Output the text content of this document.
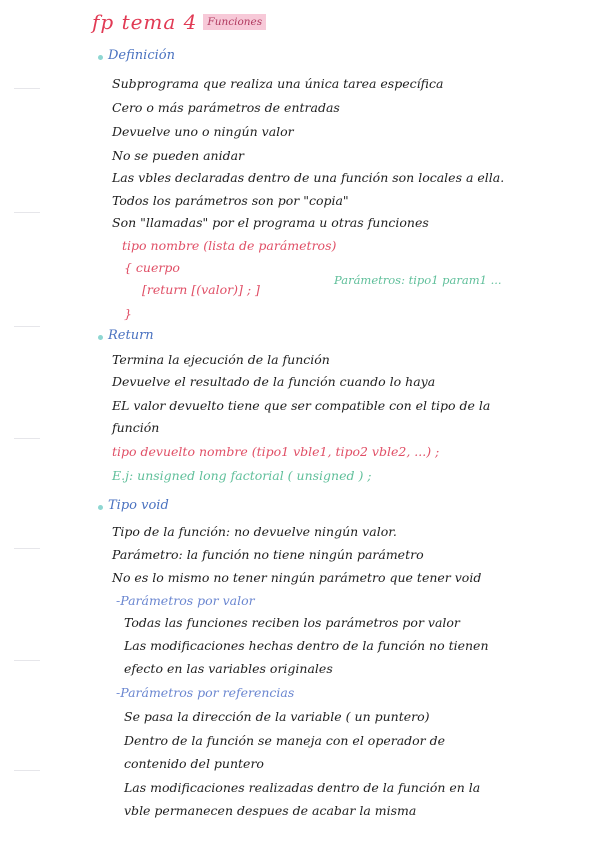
fp tema 4 Funciones
Definición
Subprograma que realiza una única tarea específica
Cero o más parámetros de entradas
Devuelve uno o ningún valor
No se pueden anidar
Las vbles declaradas dentro de una función son locales a ella.
Todos los parámetros son por "copia"
Son "llamadas" por el programa u otras funciones
tipo nombre (lista de parámetros)
{ cuerpo
[return [(valor)] ; ]
}
Parámetros: tipo1 param1 ...
Return
Termina la ejecución de la función
Devuelve el resultado de la función cuando lo haya
EL valor devuelto tiene que ser compatible con el tipo de la
función
tipo devuelto nombre (tipo1 vble1, tipo2 vble2, ...) ;
E.j: unsigned long factorial ( unsigned ) ;
Tipo void
Tipo de la función: no devuelve ningún valor.
Parámetro: la función no tiene ningún parámetro
No es lo mismo no tener ningún parámetro que tener void
-Parámetros por valor
Todas las funciones reciben los parámetros por valor
Las modificaciones hechas dentro de la función no tienen
efecto en las variables originales
-Parámetros por referencias
Se pasa la dirección de la variable ( un puntero)
Dentro de la función se maneja con el operador de
contenido del puntero
Las modificaciones realizadas dentro de la función en la
vble permanecen despues de acabar la misma
